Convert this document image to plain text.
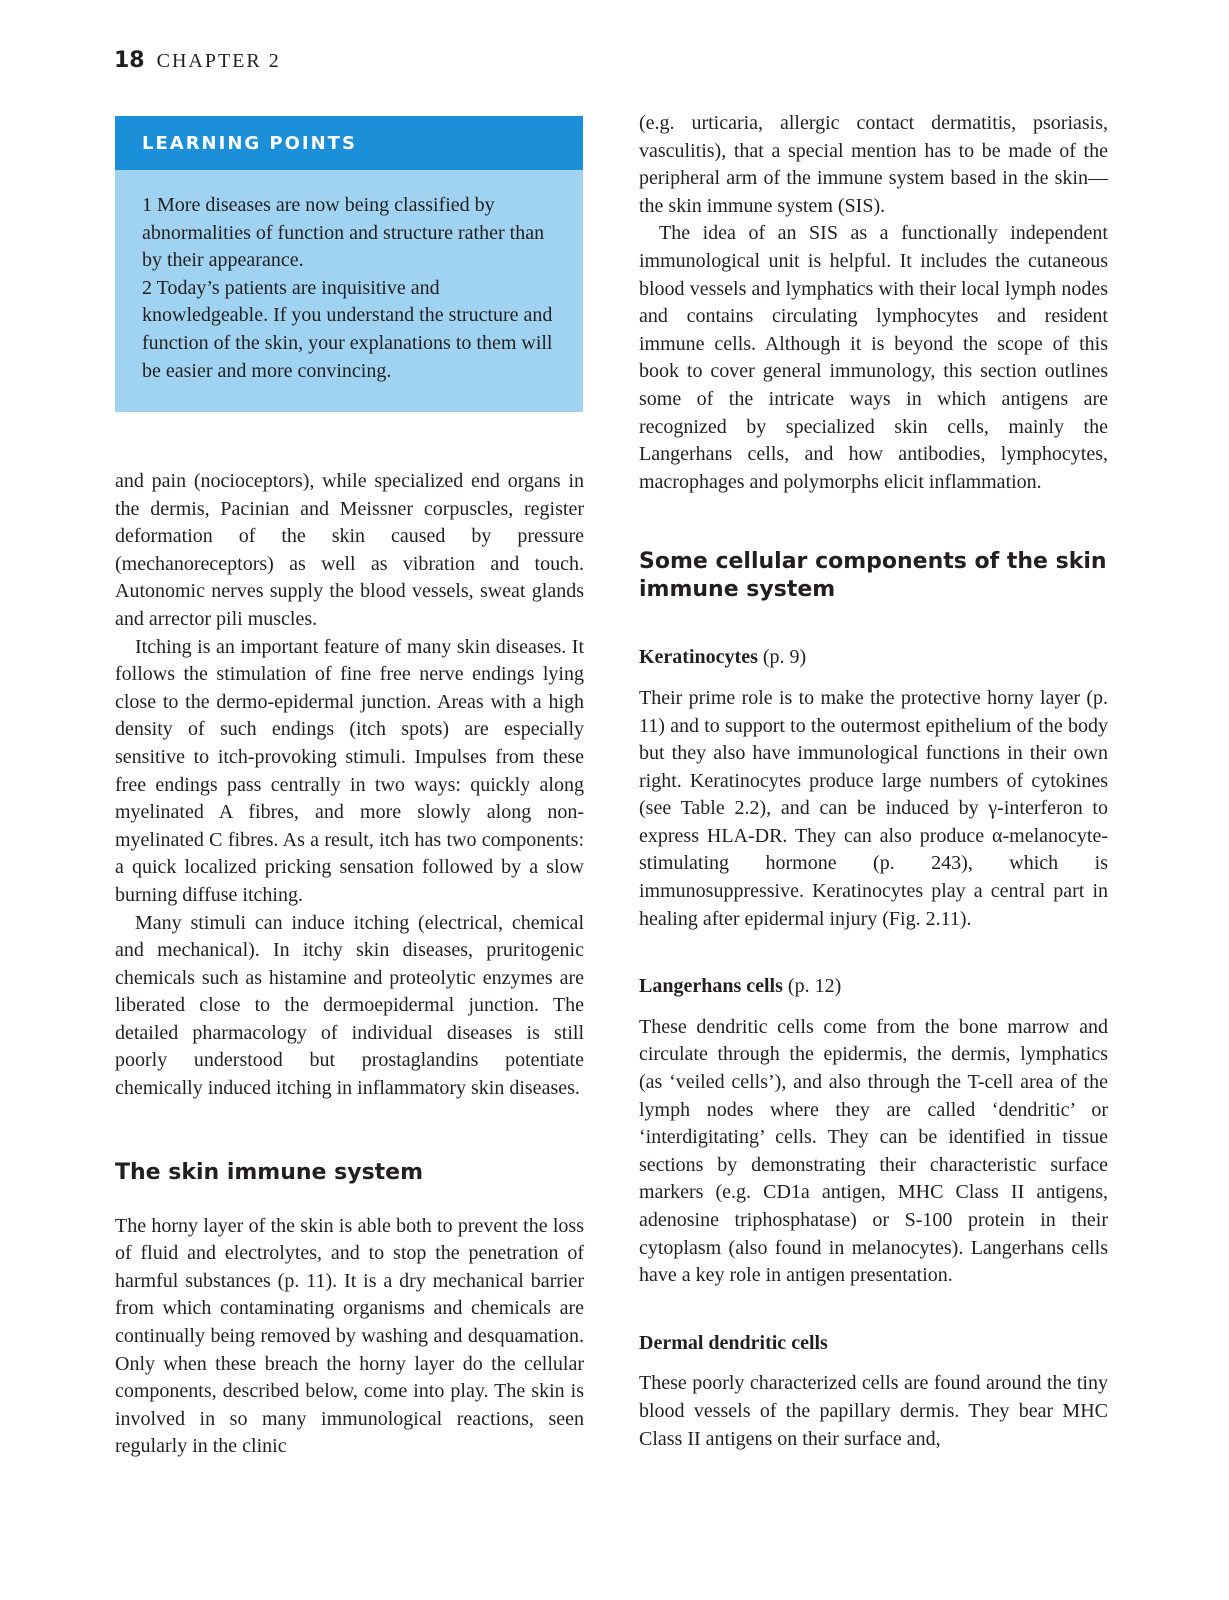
18 CHAPTER 2
LEARNING POINTS

1 More diseases are now being classified by abnormalities of function and structure rather than by their appearance.

2 Today’s patients are inquisitive and knowledgeable. If you understand the structure and function of the skin, your explanations to them will be easier and more convincing.

and pain (nocioceptors), while specialized end organs in the dermis, Pacinian and Meissner corpuscles, register deformation of the skin caused by pressure (mechanoreceptors) as well as vibration and touch. Autonomic nerves supply the blood vessels, sweat glands and arrector pili muscles.

Itching is an important feature of many skin diseases. It follows the stimulation of fine free nerve endings lying close to the dermo-epidermal junction. Areas with a high density of such endings (itch spots) are especially sensitive to itch-provoking stimuli. Impulses from these free endings pass centrally in two ways: quickly along myelinated A fibres, and more slowly along non-myelinated C fibres. As a result, itch has two components: a quick localized pricking sensation followed by a slow burning diffuse itching.

Many stimuli can induce itching (electrical, chemical and mechanical). In itchy skin diseases, pruritogenic chemicals such as histamine and proteolytic enzymes are liberated close to the dermoepidermal junction. The detailed pharmacology of individual diseases is still poorly understood but prostaglandins potentiate chemically induced itching in inflammatory skin diseases.

The skin immune system

The horny layer of the skin is able both to prevent the loss of fluid and electrolytes, and to stop the penetration of harmful substances (p. 11). It is a dry mechanical barrier from which contaminating organisms and chemicals are continually being removed by washing and desquamation. Only when these breach the horny layer do the cellular components, described below, come into play. The skin is involved in so many immunological reactions, seen regularly in the clinic

(e.g. urticaria, allergic contact dermatitis, psoriasis, vasculitis), that a special mention has to be made of the peripheral arm of the immune system based in the skin—the skin immune system (SIS).

The idea of an SIS as a functionally independent immunological unit is helpful. It includes the cutaneous blood vessels and lymphatics with their local lymph nodes and contains circulating lymphocytes and resident immune cells. Although it is beyond the scope of this book to cover general immunology, this section outlines some of the intricate ways in which antigens are recognized by specialized skin cells, mainly the Langerhans cells, and how antibodies, lymphocytes, macrophages and polymorphs elicit inflammation.

Some cellular components of the skin immune system
Keratinocytes (p. 9)

Their prime role is to make the protective horny layer (p. 11) and to support to the outermost epithelium of the body but they also have immunological functions in their own right. Keratinocytes produce large numbers of cytokines (see Table 2.2), and can be induced by γ-interferon to express HLA-DR. They can also produce α-melanocyte-stimulating hormone (p. 243), which is immunosuppressive. Keratinocytes play a central part in healing after epidermal injury (Fig. 2.11).

Langerhans cells (p. 12)

These dendritic cells come from the bone marrow and circulate through the epidermis, the dermis, lymphatics (as ‘veiled cells’), and also through the T-cell area of the lymph nodes where they are called ‘dendritic’ or ‘interdigitating’ cells. They can be identified in tissue sections by demonstrating their characteristic surface markers (e.g. CD1a antigen, MHC Class II antigens, adenosine triphosphatase) or S-100 protein in their cytoplasm (also found in melanocytes). Langerhans cells have a key role in antigen presentation.

Dermal dendritic cells

These poorly characterized cells are found around the tiny blood vessels of the papillary dermis. They bear MHC Class II antigens on their surface and,
